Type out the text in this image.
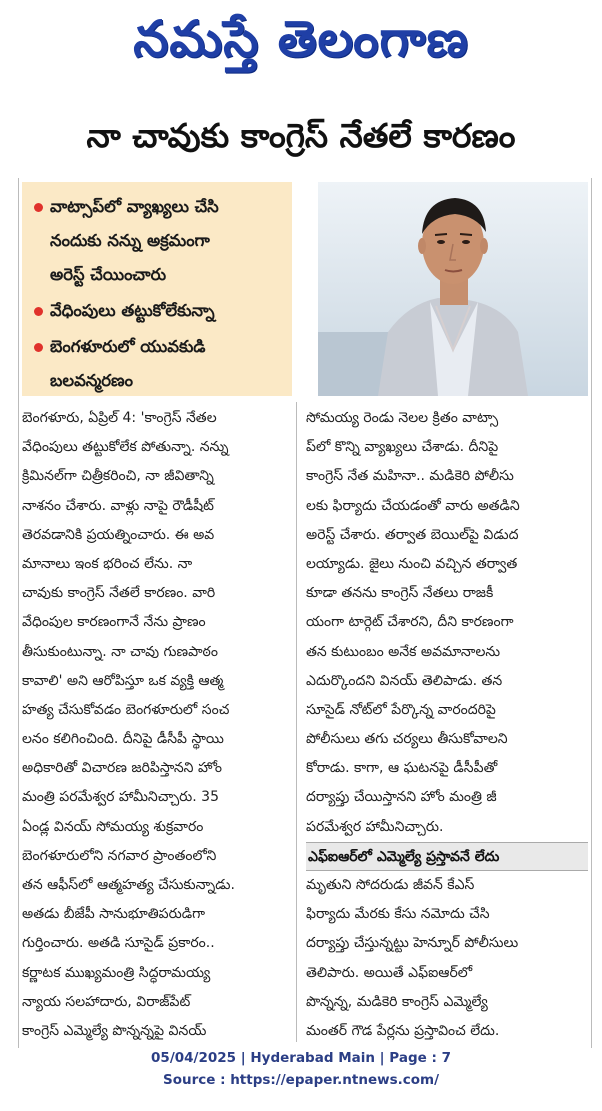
నమస్తే తెలంగాణ
నా చావుకు కాంగ్రెస్‌ నేతలే కారణం
వాట్సాప్‌లో వ్యాఖ్యలు చేసి
నందుకు నన్ను అక్రమంగా
అరెస్ట్‌ చేయించారు
వేధింపులు తట్టుకోలేకున్నా
బెంగళూరులో యువకుడి
బలవన్మరణం
బెంగళూరు, ఏప్రిల్‌ 4: 'కాంగ్రెస్‌ నేతల
వేధింపులు తట్టుకోలేక పోతున్నా. నన్ను
క్రిమినల్‌గా చిత్రీకరించి, నా జీవితాన్ని
నాశనం చేశారు. వాళ్లు నాపై రౌడీషీట్‌
తెరవడానికి ప్రయత్నించారు. ఈ అవ
మానాలు ఇంక భరించ లేను. నా
చావుకు కాంగ్రెస్‌ నేతలే కారణం. వారి
వేధింపుల కారణంగానే నేను ప్రాణం
తీసుకుంటున్నా. నా చావు గుణపాఠం
కావాలి' అని ఆరోపిస్తూ ఒక వ్యక్తి ఆత్మ
హత్య చేసుకోవడం బెంగళూరులో సంచ
లనం కలిగించింది. దీనిపై డీసీపీ స్థాయి
అధికారితో విచారణ జరిపిస్తానని హోం
మంత్రి పరమేశ్వర హామీనిచ్చారు. 35
ఏండ్ల వినయ్‌ సోమయ్య శుక్రవారం
బెంగళూరులోని నగవార ప్రాంతంలోని
తన ఆఫీస్‌లో ఆత్మహత్య చేసుకున్నాడు.
అతడు బీజేపీ సానుభూతిపరుడిగా
గుర్తించారు. అతడి సూసైడ్‌ ప్రకారం..
కర్ణాటక ముఖ్యమంత్రి సిద్ధరామయ్య
న్యాయ సలహాదారు, విరాజ్‌పేట్‌
కాంగ్రెస్‌ ఎమ్మెల్యే పొన్నన్నపై వినయ్‌
సోమయ్య రెండు నెలల క్రితం వాట్సా
ప్‌లో కొన్ని వ్యాఖ్యలు చేశాడు. దీనిపై
కాంగ్రెస్‌ నేత మహినా.. మడికెరి పోలీసు
లకు ఫిర్యాదు చేయడంతో వారు అతడిని
అరెస్ట్‌ చేశారు. తర్వాత బెయిల్‌పై విడుద
లయ్యాడు. జైలు నుంచి వచ్చిన తర్వాత
కూడా తనను కాంగ్రెస్‌ నేతలు రాజకీ
యంగా టార్గెట్‌ చేశారని, దీని కారణంగా
తన కుటుంబం అనేక అవమానాలను
ఎదుర్కొందని వినయ్‌ తెలిపాడు. తన
సూసైడ్‌ నోట్‌లో పేర్కొన్న వారందరిపై
పోలీసులు తగు చర్యలు తీసుకోవాలని
కోరాడు. కాగా, ఆ ఘటనపై డీసీపీతో
దర్యాప్తు చేయిస్తానని హోం మంత్రి జీ
పరమేశ్వర హామీనిచ్చారు.
ఎఫ్‌ఐఆర్‌లో ఎమ్మెల్యే ప్రస్తావనే లేదు
మృతుని సోదరుడు జీవన్‌ కేఎస్‌
ఫిర్యాదు మేరకు కేసు నమోదు చేసి
దర్యాప్తు చేస్తున్నట్టు హెన్నూర్‌ పోలీసులు
తెలిపారు. అయితే ఎఫ్‌ఐఆర్‌లో
పొన్నన్న, మడికెరి కాంగ్రెస్‌ ఎమ్మెల్యే
మంతర్‌ గౌడ పేర్లను ప్రస్తావించ లేదు.
05/04/2025 | Hyderabad Main | Page : 7
Source : https://epaper.ntnews.com/
